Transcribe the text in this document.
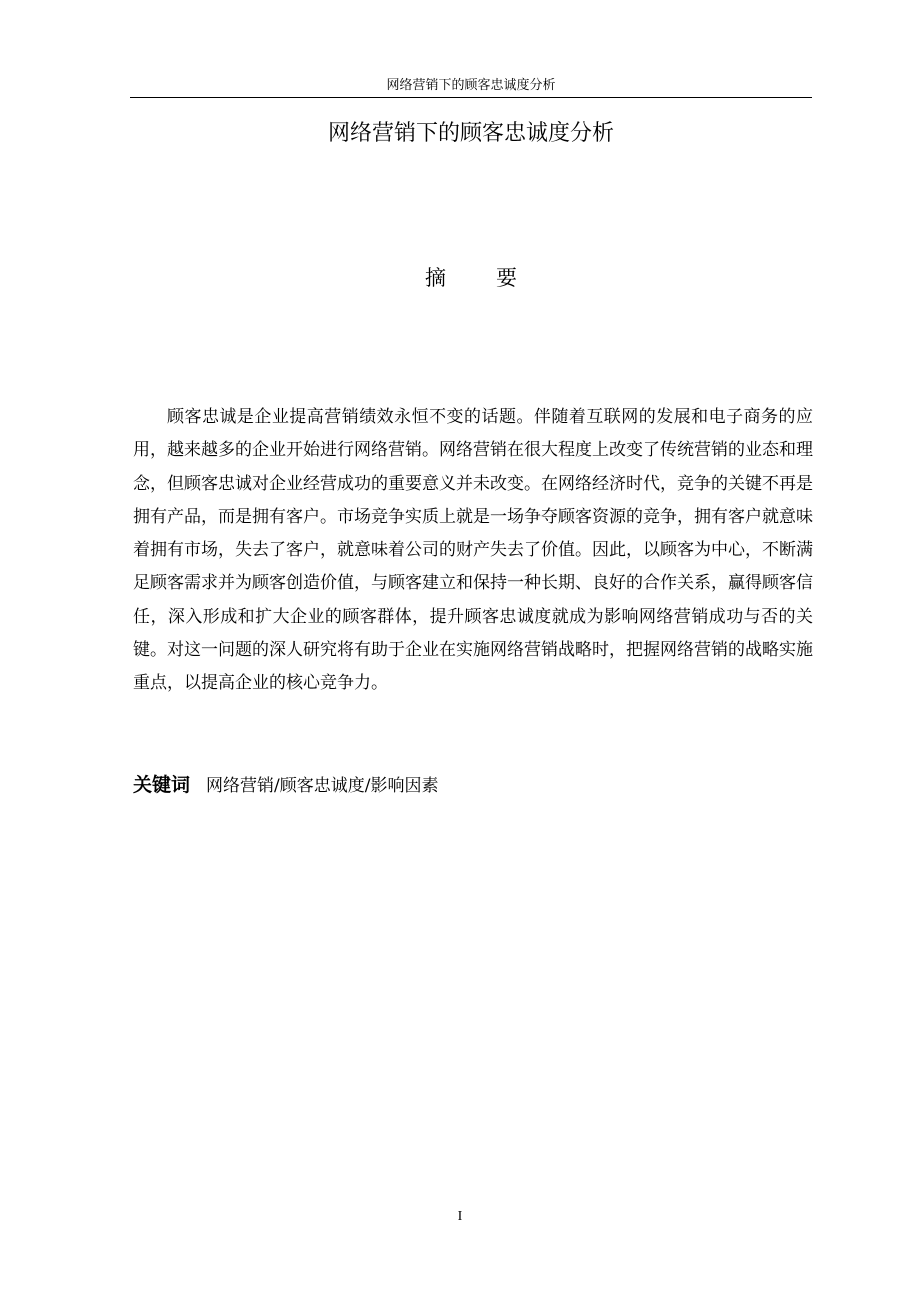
网络营销下的顾客忠诚度分析
网络营销下的顾客忠诚度分析
摘 要

顾客忠诚是企业提高营销绩效永恒不变的话题。伴随着互联网的发展和电子商务的应用，越来越多的企业开始进行网络营销。网络营销在很大程度上改变了传统营销的业态和理念，但顾客忠诚对企业经营成功的重要意义并未改变。在网络经济时代，竞争的关键不再是拥有产品，而是拥有客户。市场竞争实质上就是一场争夺顾客资源的竞争，拥有客户就意味着拥有市场，失去了客户，就意味着公司的财产失去了价值。因此，以顾客为中心，不断满足顾客需求并为顾客创造价值，与顾客建立和保持一种长期、良好的合作关系，赢得顾客信任，深入形成和扩大企业的顾客群体，提升顾客忠诚度就成为影响网络营销成功与否的关键。对这一问题的深人研究将有助于企业在实施网络营销战略时，把握网络营销的战略实施重点，以提高企业的核心竞争力。

关键词 网络营销/顾客忠诚度/影响因素
I
